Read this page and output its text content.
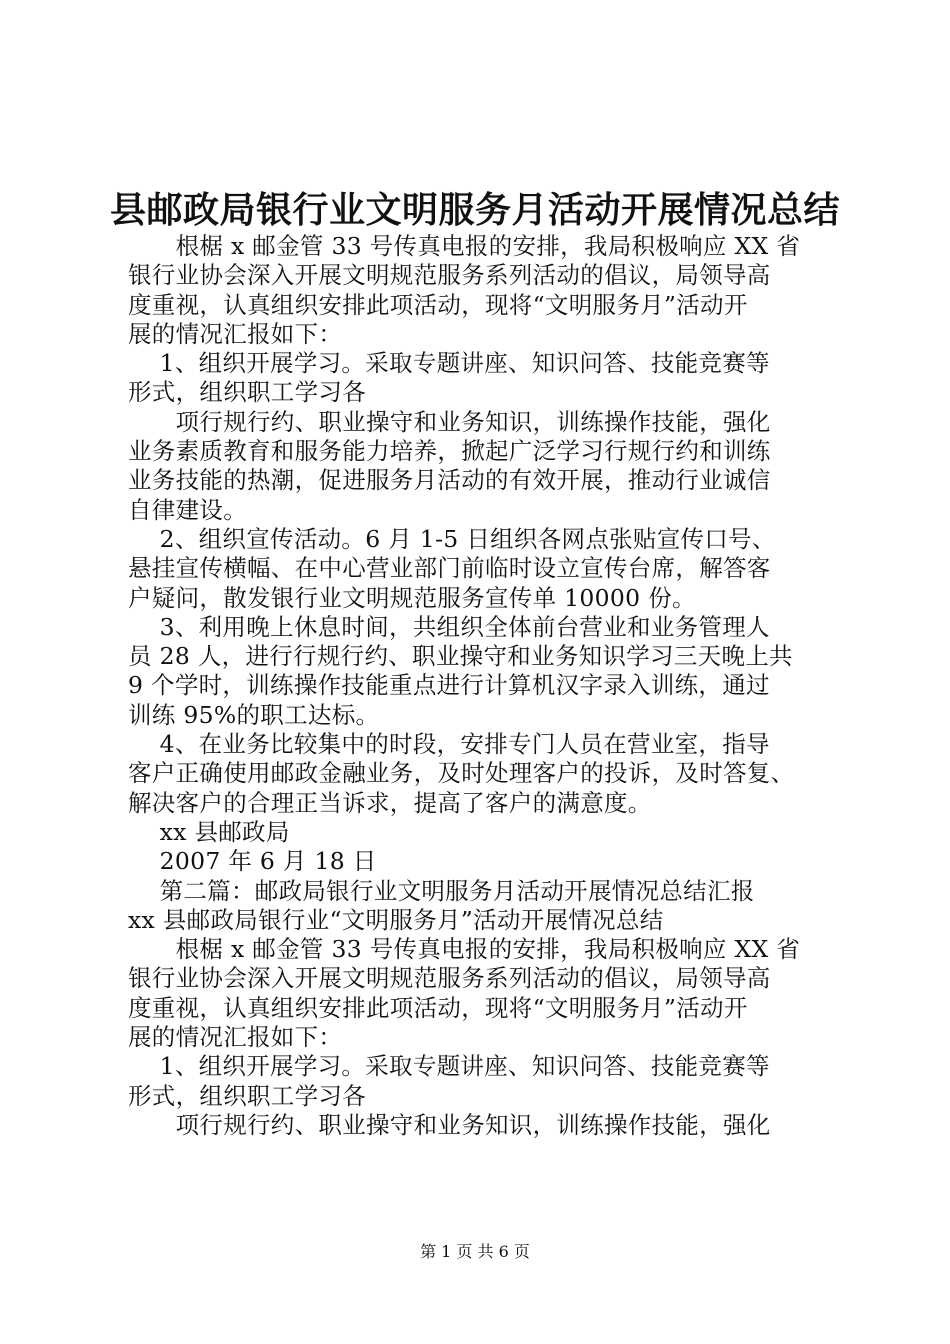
县邮政局银行业文明服务月活动开展情况总结
　　根椐 x 邮金管 33 号传真电报的安排，我局积极响应 XX 省
银行业协会深入开展文明规范服务系列活动的倡议，局领导高
度重视，认真组织安排此项活动，现将“文明服务月”活动开
展的情况汇报如下：
　 1、组织开展学习。采取专题讲座、知识问答、技能竞赛等
形式，组织职工学习各
　　项行规行约、职业操守和业务知识，训练操作技能，强化
业务素质教育和服务能力培养，掀起广泛学习行规行约和训练
业务技能的热潮，促进服务月活动的有效开展，推动行业诚信
自律建设。
　 2、组织宣传活动。6 月 1-5 日组织各网点张贴宣传口号、
悬挂宣传横幅、在中心营业部门前临时设立宣传台席，解答客
户疑问，散发银行业文明规范服务宣传单 10000 份。
　 3、利用晚上休息时间，共组织全体前台营业和业务管理人
员 28 人，进行行规行约、职业操守和业务知识学习三天晚上共
9 个学时，训练操作技能重点进行计算机汉字录入训练，通过
训练 95%的职工达标。
　 4、在业务比较集中的时段，安排专门人员在营业室，指导
客户正确使用邮政金融业务，及时处理客户的投诉，及时答复、
解决客户的合理正当诉求，提高了客户的满意度。
　 xx 县邮政局
　 2007 年 6 月 18 日
　 第二篇：邮政局银行业文明服务月活动开展情况总结汇报
xx 县邮政局银行业“文明服务月”活动开展情况总结
　　根椐 x 邮金管 33 号传真电报的安排，我局积极响应 XX 省
银行业协会深入开展文明规范服务系列活动的倡议，局领导高
度重视，认真组织安排此项活动，现将“文明服务月”活动开
展的情况汇报如下：
　 1、组织开展学习。采取专题讲座、知识问答、技能竞赛等
形式，组织职工学习各
　　项行规行约、职业操守和业务知识，训练操作技能，强化
第 1 页 共 6 页
